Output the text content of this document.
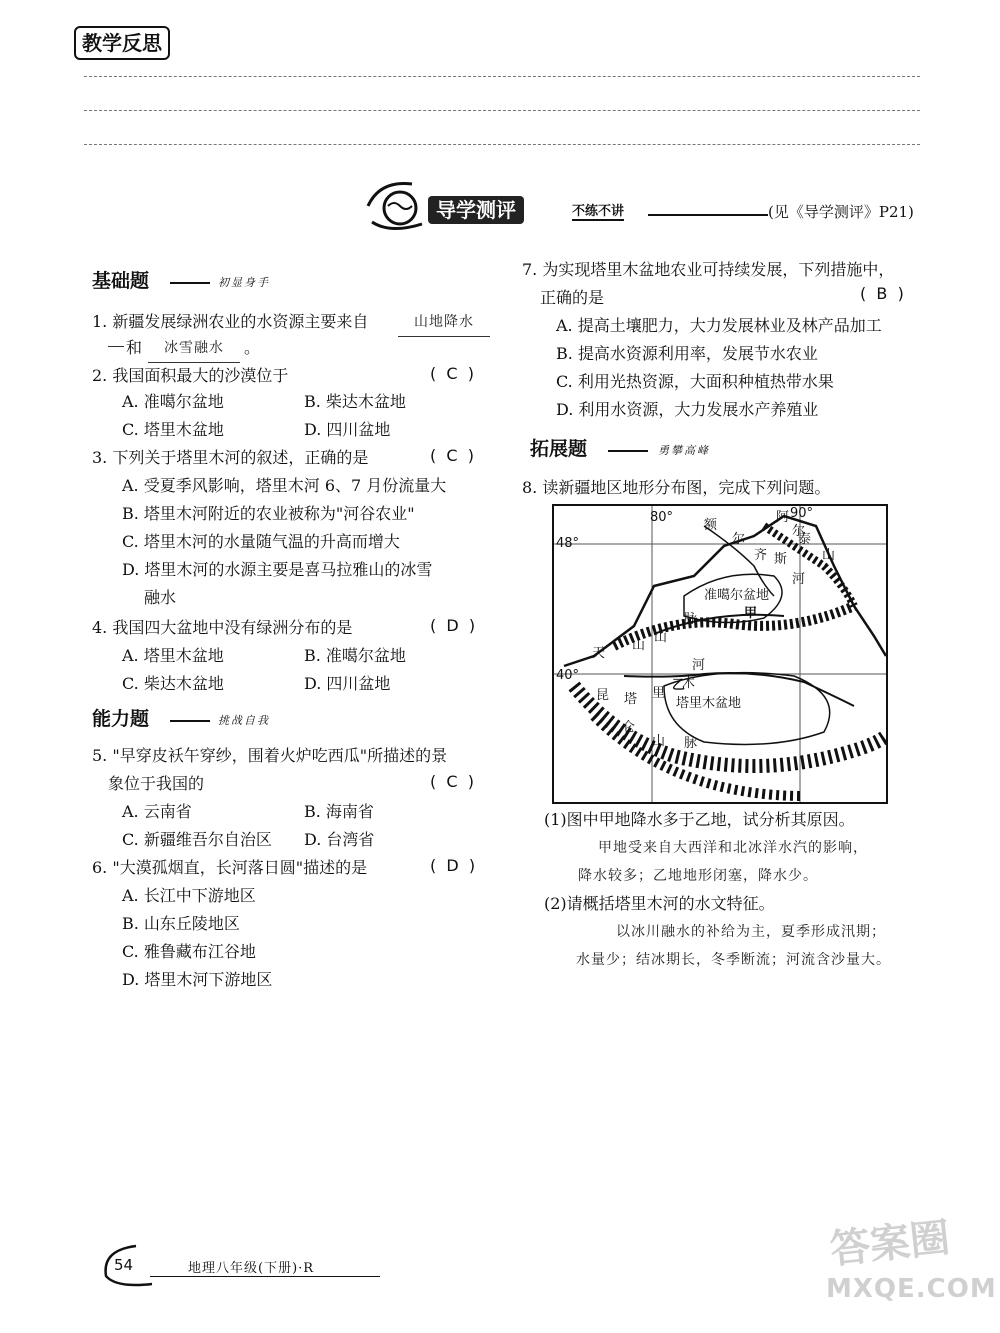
教学反思
导学测评	不练不讲	(见《导学测评》P21)
基础题	初显身手
1. 新疆发展绿洲农业的水资源主要来自	山地降水
和	冰雪融水	。
2. 我国面积最大的沙漠位于	(  C  )
A. 准噶尔盆地	B. 柴达木盆地
C. 塔里木盆地	D. 四川盆地
3. 下列关于塔里木河的叙述，正确的是	(  C  )
A. 受夏季风影响，塔里木河 6、7 月份流量大
B. 塔里木河附近的农业被称为"河谷农业"
C. 塔里木河的水量随气温的升高而增大
D. 塔里木河的水源主要是喜马拉雅山的冰雪
融水
4. 我国四大盆地中没有绿洲分布的是	(  D  )
A. 塔里木盆地	B. 准噶尔盆地
C. 柴达木盆地	D. 四川盆地
能力题	挑战自我
5. "早穿皮袄午穿纱，围着火炉吃西瓜"所描述的景
象位于我国的	(  C  )
A. 云南省	B. 海南省
C. 新疆维吾尔自治区 D. 台湾省
6. "大漠孤烟直，长河落日圆"描述的是	(  D  )
A. 长江中下游地区
B. 山东丘陵地区
C. 雅鲁藏布江谷地
D. 塔里木河下游地区
7. 为实现塔里木盆地农业可持续发展，下列措施中，
正确的是	(  B  )
A. 提高土壤肥力，大力发展林业及林产品加工
B. 提高水资源利用率，发展节水农业
C. 利用光热资源，大面积种植热带水果
D. 利用水资源，大力发展水产养殖业
拓展题	勇攀高峰
8. 读新疆地区地形分布图，完成下列问题。
80°	90°
48°
40°
额
尔
齐 斯
河
阿
尔
泰
山
准噶尔盆地
甲
天
山
山
脉
塔 里
木
河
乙
塔里木盆地
昆
仑
山 脉
(1)图中甲地降水多于乙地，试分析其原因。
甲地受来自大西洋和北冰洋水汽的影响，
降水较多；乙地地形闭塞，降水少。
(2)请概括塔里木河的水文特征。
以冰川融水的补给为主，夏季形成汛期；
水量少；结冰期长，冬季断流；河流含沙量大。
54	地理八年级(下册)·R	答案圈
MXQE.COM
